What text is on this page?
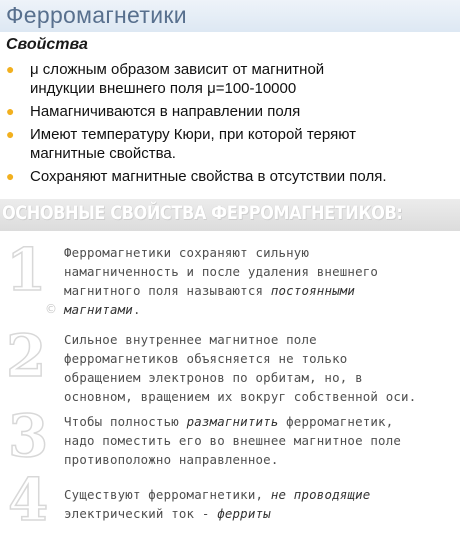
Ферромагнетики
Свойства
● μ сложным образом зависит от магнитной
индукции внешнего поля μ=100-10000
● Намагничиваются в направлении поля
● Имеют температуру Кюри, при которой теряют
магнитные свойства.
● Сохраняют магнитные свойства в отсутствии поля.
ОСНОВНЫЕ СВОЙСТВА ФЕРРОМАГНЕТИКОВ:
1
2
3
4
©
Ферромагнетики сохраняют сильную
намагниченность и после удаления внешнего
магнитного поля называются постоянными
магнитами.
Сильное внутреннее магнитное поле
ферромагнетиков объясняется не только
обращением электронов по орбитам, но, в
основном, вращением их вокруг собственной оси.
Чтобы полностью размагнитить ферромагнетик,
надо поместить его во внешнее магнитное поле
противоположно направленное.
Существуют ферромагнетики, не проводящие
электрический ток - ферриты
